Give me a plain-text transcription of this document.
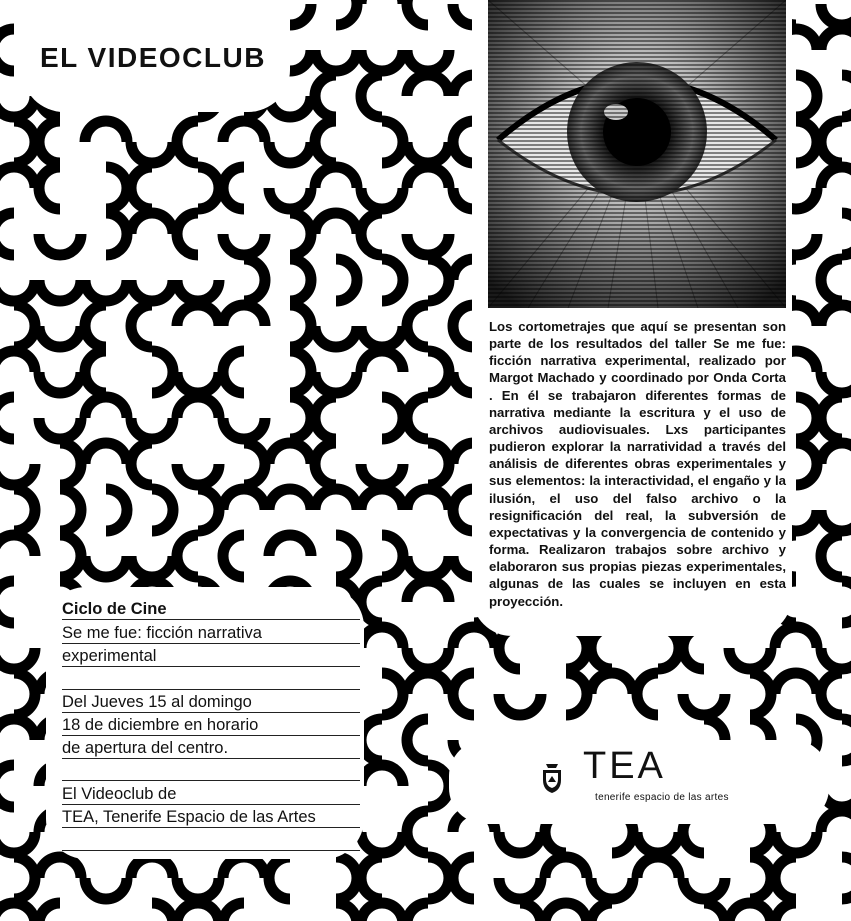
EL VIDEOCLUB

Los cortometrajes que aquí se presentan son parte de los resultados del taller Se me fue: ficción narrativa experimental, realizado por Margot Machado y coordinado por Onda Corta . En él se trabajaron diferentes formas de narrativa mediante la escritura y el uso de archivos audiovisuales. Lxs participantes pudieron explorar la narratividad a través del análisis de diferentes obras experimentales y sus elementos: la interactividad, el engaño y la ilusión, el uso del falso archivo o la resignificación del real, la subversión de expectativas y la convergencia de contenido y forma. Realizaron trabajos sobre archivo y elaboraron sus propias piezas experimentales, algunas de las cuales se incluyen en esta proyección.

Ciclo de Cine
Se me fue: ficción narrativa
experimental
Del Jueves 15 al domingo
18 de diciembre en horario
de apertura del centro.
El Videoclub de
TEA, Tenerife Espacio de las Artes
TEA
tenerife espacio de las artes
